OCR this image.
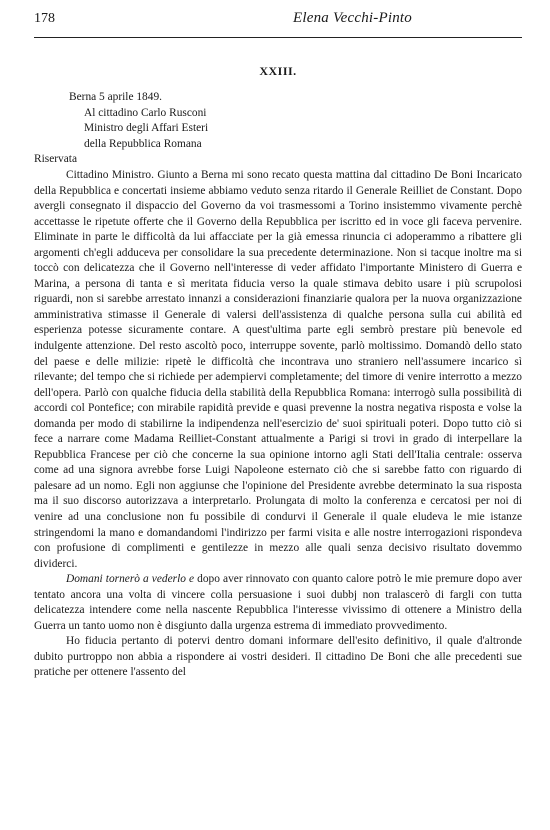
178	Elena Vecchi-Pinto
XXIII.
Berna 5 aprile 1849.
Al cittadino Carlo Rusconi
Ministro degli Affari Esteri
della Repubblica Romana
Riservata

Cittadino Ministro. Giunto a Berna mi sono recato questa mattina dal cittadino De Boni Incaricato della Repubblica e concertati insieme abbiamo veduto senza ritardo il Generale Reilliet de Constant. Dopo avergli consegnato il dispaccio del Governo da voi trasmessomi a Torino insistemmo vivamente perchè accettasse le ripetute offerte che il Governo della Repubblica per iscritto ed in voce gli faceva pervenire. Eliminate in parte le difficoltà da lui affacciate per la già emessa rinuncia ci adoperammo a ribattere gli argomenti ch'egli adduceva per consolidare la sua precedente determinazione. Non si tacque inoltre ma si toccò con delicatezza che il Governo nell'interesse di veder affidato l'importante Ministero di Guerra e Marina, a persona di tanta e sì meritata fiducia verso la quale stimava debito usare i più scrupolosi riguardi, non si sarebbe arrestato innanzi a considerazioni finanziarie qualora per la nuova organizzazione amministrativa stimasse il Generale di valersi dell'assistenza di qualche persona sulla cui abilità ed esperienza potesse sicuramente contare. A quest'ultima parte egli sembrò prestare più benevole ed indulgente attenzione. Del resto ascoltò poco, interruppe sovente, parlò moltissimo. Domandò dello stato del paese e delle milizie: ripetè le difficoltà che incontrava uno straniero nell'assumere incarico sì rilevante; del tempo che si richiede per adempiervi completamente; del timore di venire interrotto a mezzo dell'opera. Parlò con qualche fiducia della stabilità della Repubblica Romana: interrogò sulla possibilità di accordi col Pontefice; con mirabile rapidità previde e quasi prevenne la nostra negativa risposta e volse la domanda per modo di stabilirne la indipendenza nell'esercizio de' suoi spirituali poteri. Dopo tutto ciò si fece a narrare come Madama Reilliet-Constant attualmente a Parigi si trovi in grado di interpellare la Repubblica Francese per ciò che concerne la sua opinione intorno agli Stati dell'Italia centrale: osserva come ad una signora avrebbe forse Luigi Napoleone esternato ciò che si sarebbe fatto con riguardo di palesare ad un nomo. Egli non aggiunse che l'opinione del Presidente avrebbe determinato la sua risposta ma il suo discorso autorizzava a interpretarlo. Prolungata di molto la conferenza e cercatosi per noi di venire ad una conclusione non fu possibile di condurvi il Generale il quale eludeva le mie istanze stringendomi la mano e domandandomi l'indirizzo per farmi visita e alle nostre interrogazioni rispondeva con profusione di complimenti e gentilezze in mezzo alle quali senza decisivo risultato dovemmo dividerci.

Domani tornerò a vederlo e dopo aver rinnovato con quanto calore potrò le mie premure dopo aver tentato ancora una volta di vincere colla persuasione i suoi dubbj non tralascerò di fargli con tutta delicatezza intendere come nella nascente Repubblica l'interesse vivissimo di ottenere a Ministro della Guerra un tanto uomo non è disgiunto dalla urgenza estrema di immediato provvedimento.

Ho fiducia pertanto di potervi dentro domani informare dell'esito definitivo, il quale d'altronde dubito purtroppo non abbia a rispondere ai vostri desideri. Il cittadino De Boni che alle precedenti sue pratiche per ottenere l'assento del
